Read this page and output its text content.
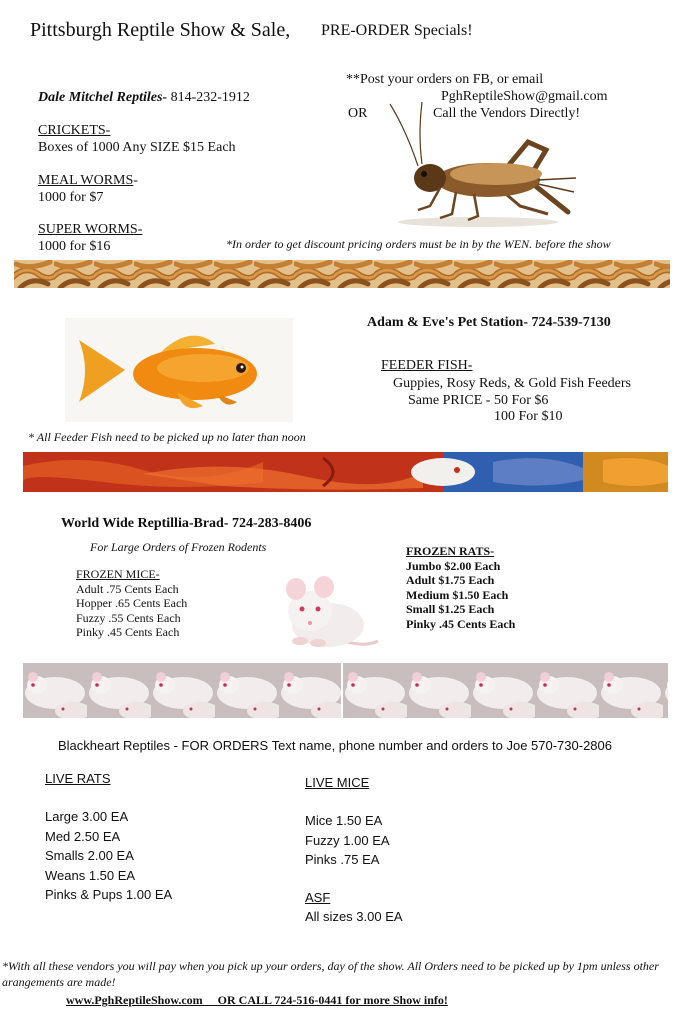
Pittsburgh Reptile Show & Sale, PRE-ORDER Specials!
**Post your orders on FB, or email
PghReptileShow@gmail.com
OR	Call the Vendors Directly!
Dale Mitchel Reptiles- 814-232-1912
CRICKETS-
Boxes of 1000 Any SIZE $15 Each
MEAL WORMS-
1000 for $7
SUPER WORMS-
1000 for $16	*In order to get discount pricing orders must be in by the WEN. before the show
Adam & Eve's Pet Station- 724-539-7130
FEEDER FISH-
Guppies, Rosy Reds, & Gold Fish Feeders
Same PRICE - 50 For $6
100 For $10
* All Feeder Fish need to be picked up no later than noon
World Wide Reptillia-Brad- 724-283-8406
For Large Orders of Frozen Rodents
FROZEN MICE-
Adult .75 Cents Each
Hopper .65 Cents Each
Fuzzy .55 Cents Each
Pinky .45 Cents Each
FROZEN RATS-
Jumbo $2.00 Each
Adult $1.75 Each
Medium $1.50 Each
Small $1.25 Each
Pinky .45 Cents Each
Blackheart Reptiles - FOR ORDERS Text name, phone number and orders to Joe 570-730-2806
LIVE RATS
Large 3.00 EA
Med 2.50 EA
Smalls 2.00 EA
Weans 1.50 EA
Pinks & Pups 1.00 EA
LIVE MICE
Mice 1.50 EA
Fuzzy 1.00 EA
Pinks .75 EA
ASF
All sizes 3.00 EA
*With all these vendors you will pay when you pick up your orders, day of the show. All Orders need to be picked up by 1pm unless other arangements are made!
www.PghReptileShow.com OR CALL 724-516-0441 for more Show info!
